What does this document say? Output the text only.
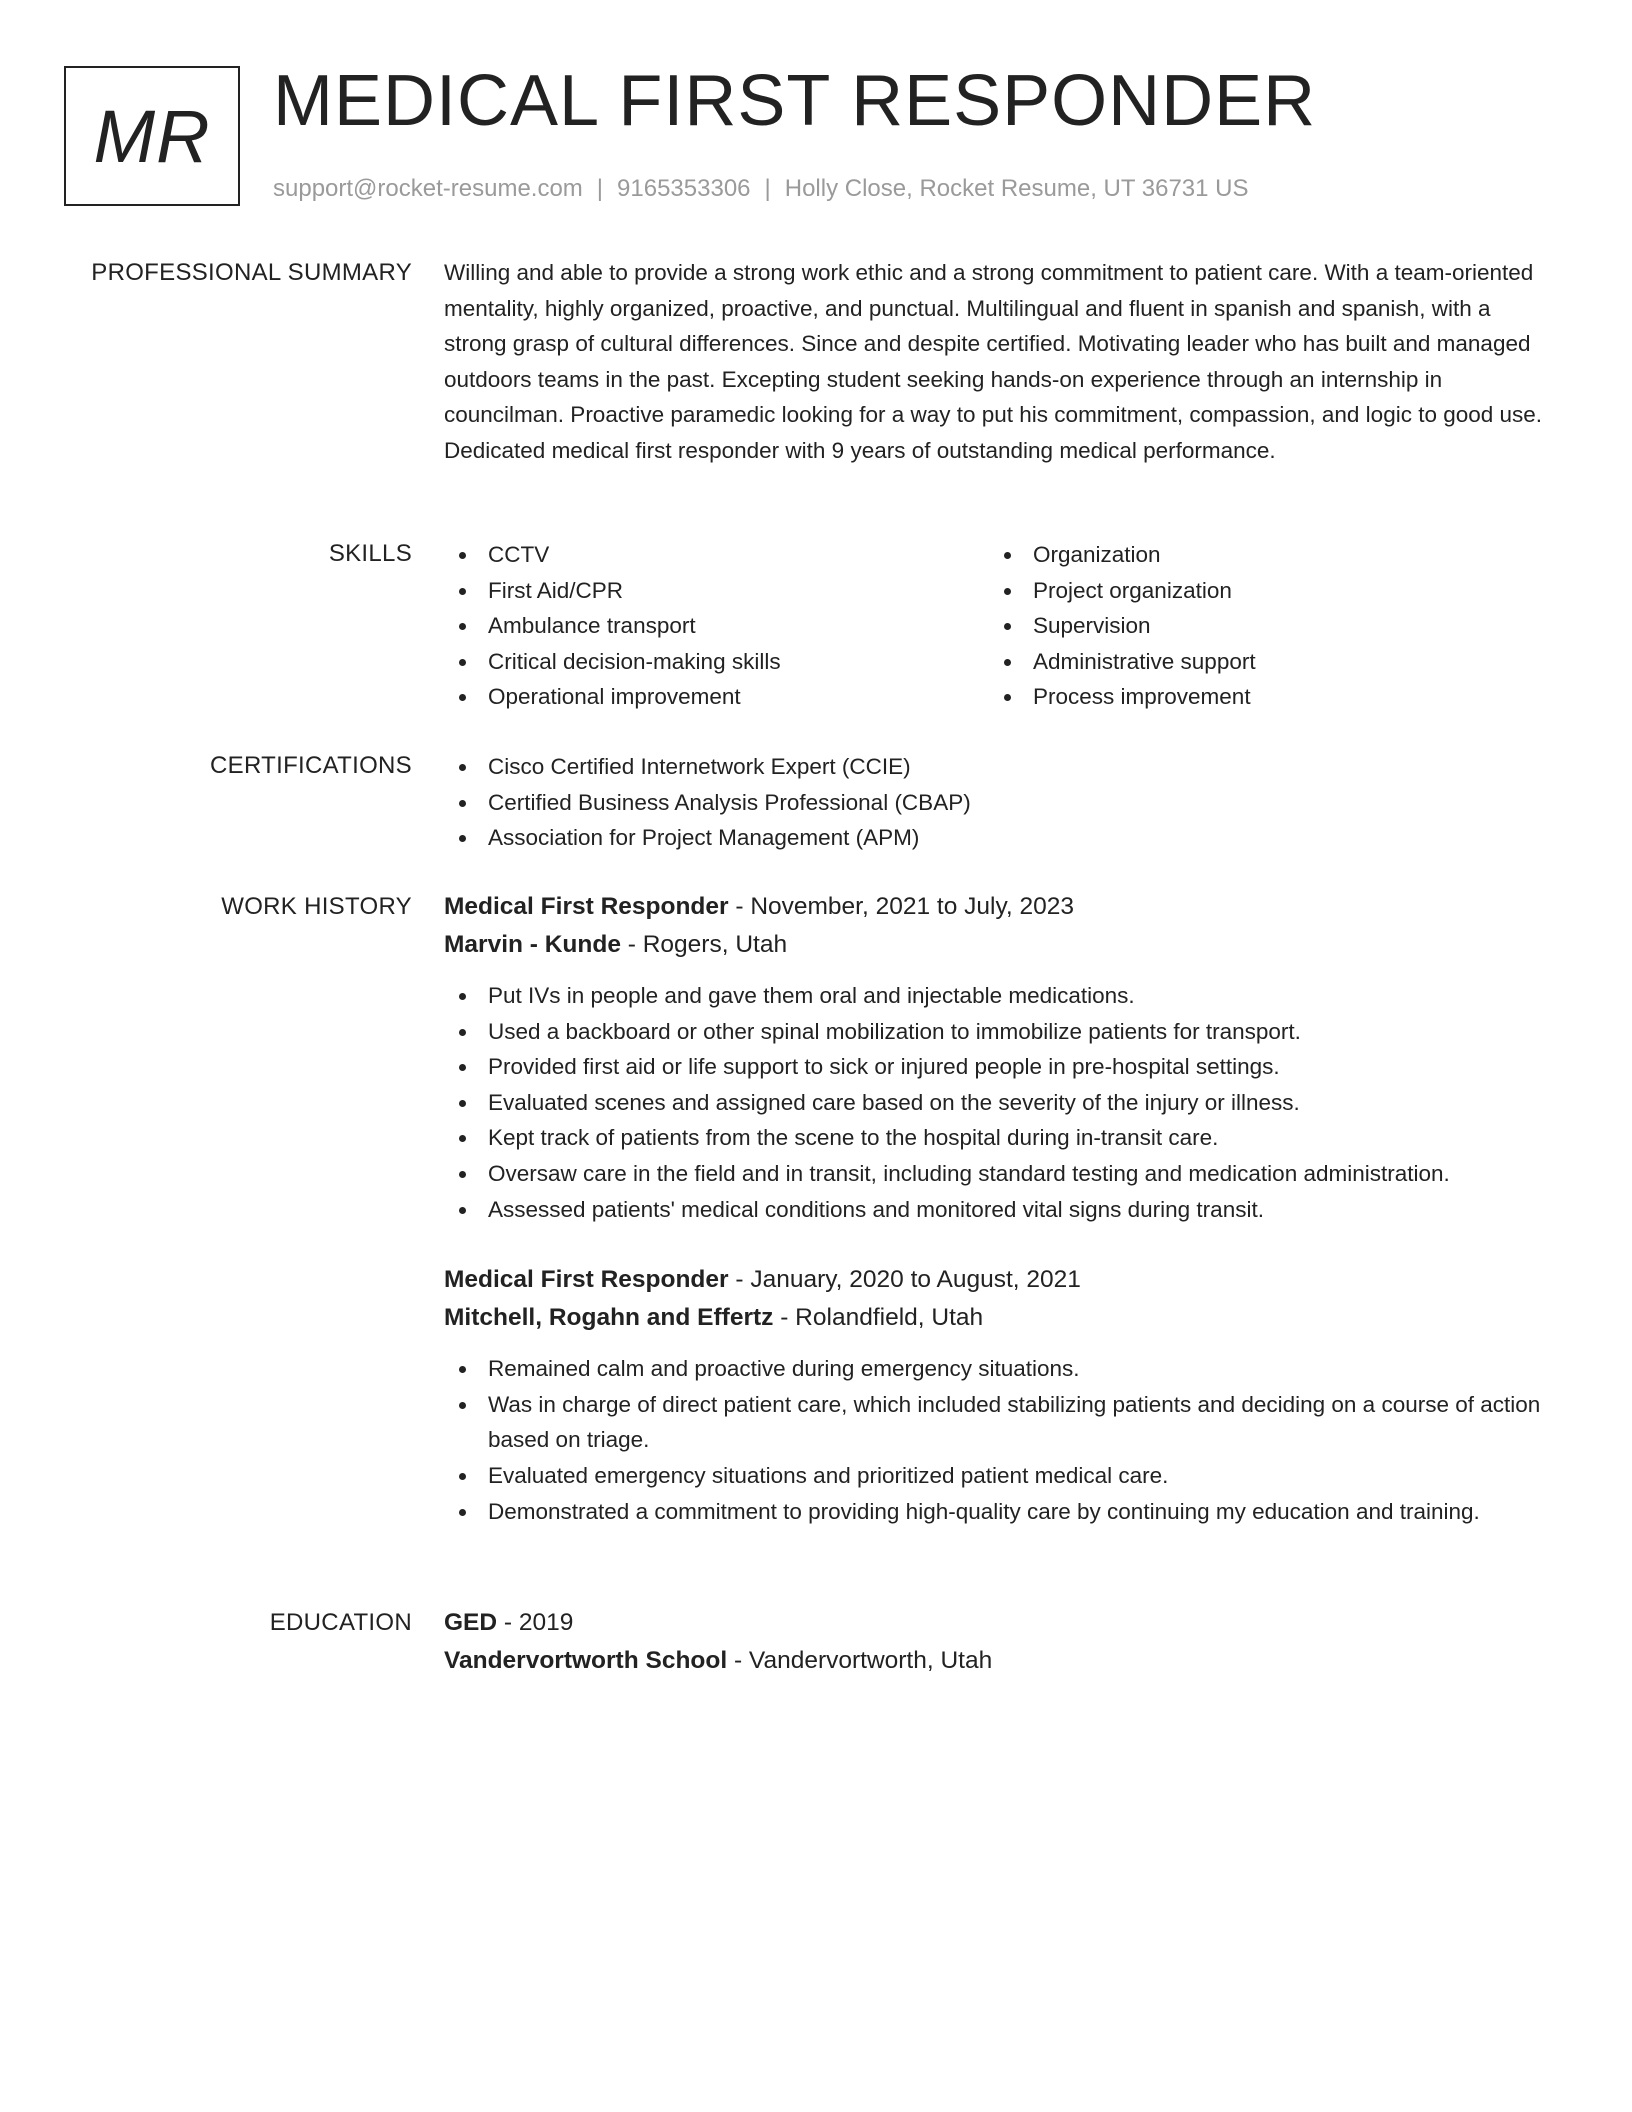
MR MEDICAL FIRST RESPONDER
support@rocket-resume.com | 9165353306 | Holly Close, Rocket Resume, UT 36731 US
PROFESSIONAL SUMMARY Willing and able to provide a strong work ethic and a strong commitment to patient care. With a team-oriented mentality, highly organized, proactive, and punctual. Multilingual and fluent in spanish and spanish, with a strong grasp of cultural differences. Since and despite certified. Motivating leader who has built and managed outdoors teams in the past. Excepting student seeking hands-on experience through an internship in councilman. Proactive paramedic looking for a way to put his commitment, compassion, and logic to good use. Dedicated medical first responder with 9 years of outstanding medical performance.

SKILLS	CCTV
First Aid/CPR
Ambulance transport
Critical decision-making skills
Operational improvement
Organization
Project organization
Supervision
Administrative support
Process improvement
CERTIFICATIONS	Cisco Certified Internetwork Expert (CCIE)
Certified Business Analysis Professional (CBAP)
Association for Project Management (APM)
WORK HISTORY Medical First Responder - November, 2021 to July, 2023
Marvin - Kunde - Rogers, Utah
Put IVs in people and gave them oral and injectable medications.
Used a backboard or other spinal mobilization to immobilize patients for transport.
Provided first aid or life support to sick or injured people in pre-hospital settings.
Evaluated scenes and assigned care based on the severity of the injury or illness.
Kept track of patients from the scene to the hospital during in-transit care.
Oversaw care in the field and in transit, including standard testing and medication administration.
Assessed patients' medical conditions and monitored vital signs during transit.
Medical First Responder - January, 2020 to August, 2021
Mitchell, Rogahn and Effertz - Rolandfield, Utah
Remained calm and proactive during emergency situations.
Was in charge of direct patient care, which included stabilizing patients and deciding on a course of action based on triage.
Evaluated emergency situations and prioritized patient medical care.
Demonstrated a commitment to providing high-quality care by continuing my education and training.
EDUCATION GED - 2019
Vandervortworth School - Vandervortworth, Utah
